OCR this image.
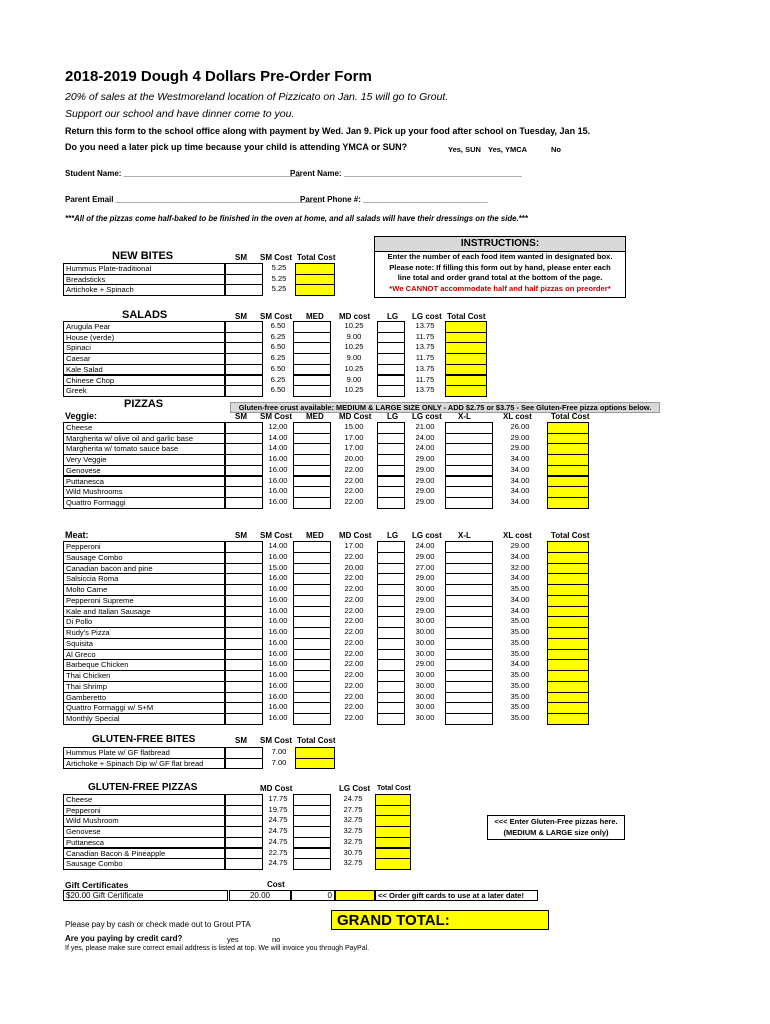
2018-2019 Dough 4 Dollars Pre-Order Form
20% of sales at the Westmoreland location of Pizzicato on Jan. 15 will go to Grout.
Support our school and have dinner come to you.
Return this form to the school office along with payment by Wed. Jan 9. Pick up your food after school on Tuesday, Jan 15.
Do you need a later pick up time because your child is attending YMCA or SUN?	Yes, SUN Yes, YMCA	No
Student Name: ________________________________________
Parent Name: ________________________________________
Parent Email ______________________________________________
Parent Phone #: ____________________________
***All of the pizzas come half-baked to be finished in the oven at home, and all salads will have their dressings on the side.***
INSTRUCTIONS:
Enter the number of each food item wanted in designated box.
Please note: If filling this form out by hand, please enter each
line total and order grand total at the bottom of the page.
*We CANNOT accommodate half and half pizzas on preorder*
NEW BITES	SM SM Cost Total Cost
Hummus Plate-traditional	5.25
Breadsticks	5.25
Artichoke + Spinach	5.25
SALADS	SM SM Cost MED MD cost LG LG cost Total Cost
Arugula Pear	6.50	10.25	13.75
House (verde)	6.25	9.00	11.75
Spinaci	6.50	10.25	13.75
Caesar	6.25	9.00	11.75
Kale Salad	6.50	10.25	13.75
Chinese Chop	6.25	9.00	11.75
Greek	6.50	10.25	13.75
PIZZAS	Gluten-free crust available: MEDIUM & LARGE SIZE ONLY - ADD $2.75 or $3.75 - See Gluten-Free pizza options below.
Veggie:	SM SM Cost MED MD Cost LG LG cost X-L	XL cost Total Cost
Cheese	12.00	15.00	21.00	26.00
Margherita w/ olive oil and garlic base	14.00	17.00	24.00	29.00
Margherita w/ tomato sauce base	14.00	17.00	24.00	29.00
Very Veggie	16.00	20.00	29.00	34.00
Genovese	16.00	22.00	29.00	34.00
Puttanesca	16.00	22.00	29.00	34.00
Wild Mushrooms	16.00	22.00	29.00	34.00
Quattro Formaggi	16.00	22.00	29.00	34.00
Meat:	SM SM Cost MED MD Cost LG LG cost X-L	XL cost Total Cost
Pepperoni	14.00	17.00	24.00	29.00
Sausage Combo	16.00	22.00	29.00	34.00
Canadian bacon and pine	15.00	20.00	27.00	32.00
Salsiccia Roma	16.00	22.00	29.00	34.00
Molto Carne	16.00	22.00	30.00	35.00
Pepperoni Supreme	16.00	22.00	29.00	34.00
Kale and Italian Sausage	16.00	22.00	29.00	34.00
Di Pollo	16.00	22.00	30.00	35.00
Rudy's Pizza	16.00	22.00	30.00	35.00
Squisita	16.00	22.00	30.00	35.00
Al Greco	16.00	22.00	30.00	35.00
Barbeque Chicken	16.00	22.00	29.00	34.00
Thai Chicken	16.00	22.00	30.00	35.00
Thai Shrimp	16.00	22.00	30.00	35.00
Gamberetto	16.00	22.00	30.00	35.00
Quattro Formaggi w/ S+M	16.00	22.00	30.00	35.00
Monthly Special	16.00	22.00	30.00	35.00
GLUTEN-FREE BITES	SM SM Cost Total Cost
Hummus Plate w/ GF flatbread	7.00
Artichoke + Spinach Dip w/ GF flat bread	7.00
GLUTEN-FREE PIZZAS	MD Cost	LG Cost Total Cost
Cheese	17.75	24.75
Pepperoni	19.75	27.75
Wild Mushroom	24.75	32.75
Genovese	24.75	32.75
Puttanesca	24.75	32.75
Canadian Bacon & Pineapple	22.75	30.75
Sausage Combo	24.75	32.75
<<< Enter Gluten-Free pizzas here.
(MEDIUM & LARGE size only)
Gift Certificates	Cost
$20.00 Gift Certificate	20.00	0	<< Order gift cards to use at a later date!
GRAND TOTAL:
Please pay by cash or check made out to Grout PTA
Are you paying by credit card?	yes	no
If yes, please make sure correct email address is listed at top. We will invoice you through PayPal.
